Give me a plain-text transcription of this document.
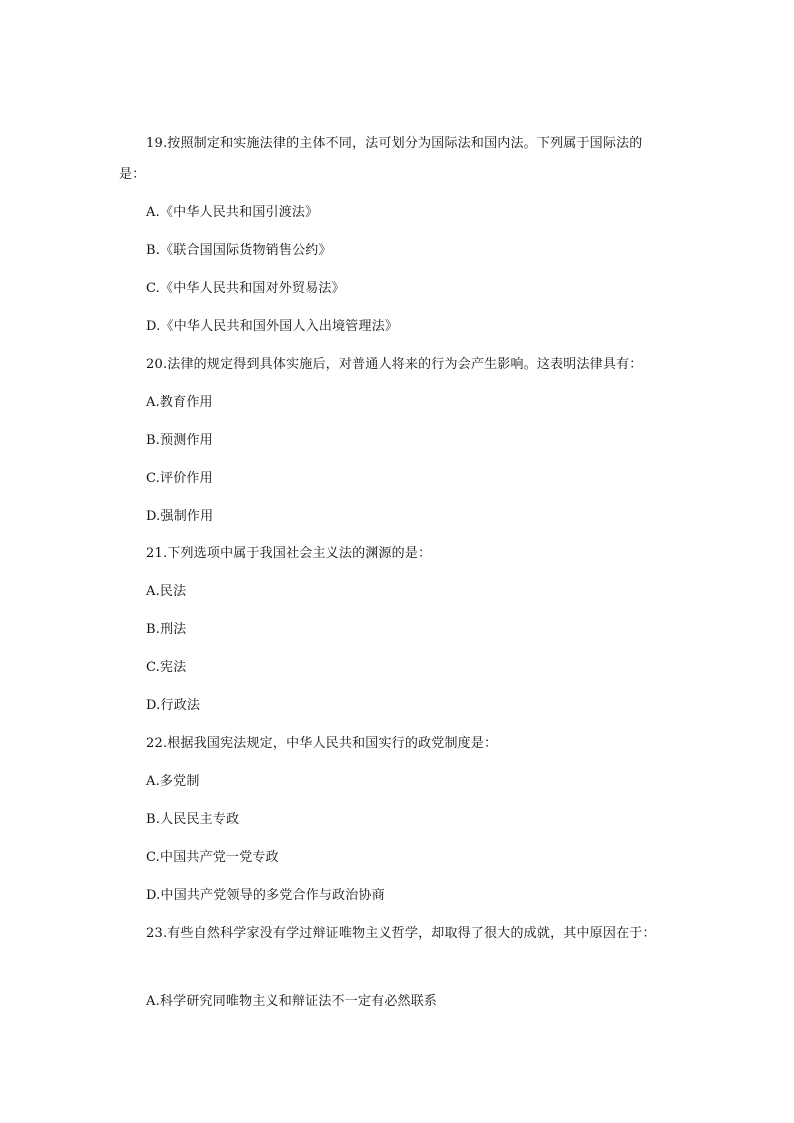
19.按照制定和实施法律的主体不同，法可划分为国际法和国内法。下列属于国际法的
是：
A.《中华人民共和国引渡法》
B.《联合国国际货物销售公约》
C.《中华人民共和国对外贸易法》
D.《中华人民共和国外国人入出境管理法》
20.法律的规定得到具体实施后，对普通人将来的行为会产生影响。这表明法律具有：
A.教育作用
B.预测作用
C.评价作用
D.强制作用
21.下列选项中属于我国社会主义法的渊源的是：
A.民法
B.刑法
C.宪法
D.行政法
22.根据我国宪法规定，中华人民共和国实行的政党制度是：
A.多党制
B.人民民主专政
C.中国共产党一党专政
D.中国共产党领导的多党合作与政治协商
23.有些自然科学家没有学过辩证唯物主义哲学，却取得了很大的成就，其中原因在于：
A.科学研究同唯物主义和辩证法不一定有必然联系
